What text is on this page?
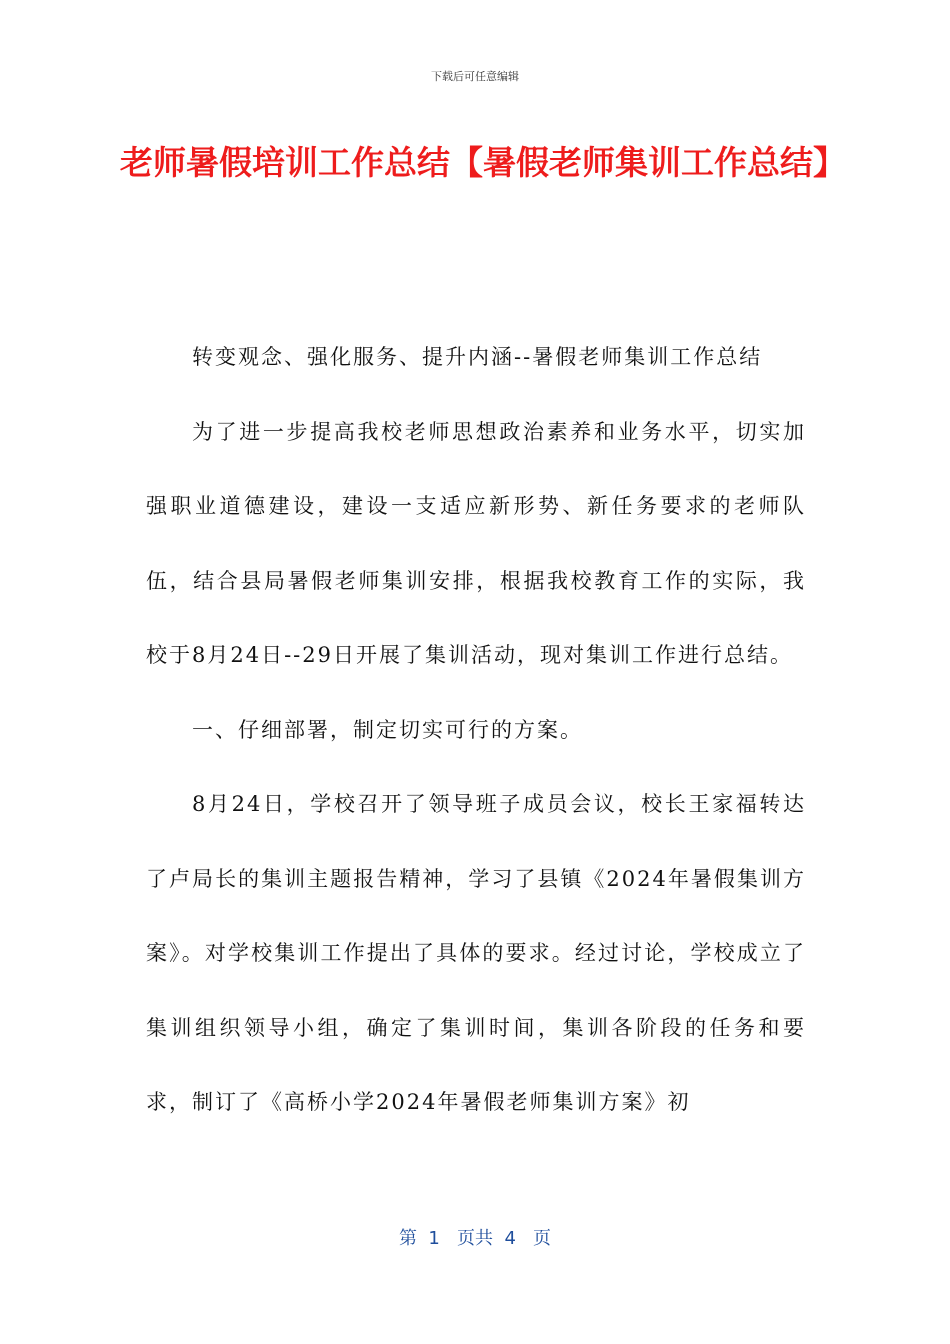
下载后可任意编辑
老师暑假培训工作总结【暑假老师集训工作总结】

转变观念、强化服务、提升内涵--暑假老师集训工作总结

为了进一步提高我校老师思想政治素养和业务水平，切实加强职业道德建设，建设一支适应新形势、新任务要求的老师队伍，结合县局暑假老师集训安排，根据我校教育工作的实际，我校于8月24日--29日开展了集训活动，现对集训工作进行总结。

一、仔细部署，制定切实可行的方案。

8月24日，学校召开了领导班子成员会议，校长王家福转达了卢局长的集训主题报告精神，学习了县镇《2024年暑假集训方案》。对学校集训工作提出了具体的要求。经过讨论，学校成立了集训组织领导小组，确定了集训时间，集训各阶段的任务和要求，制订了《高桥小学2024年暑假老师集训方案》初

第  1   页共  4   页
